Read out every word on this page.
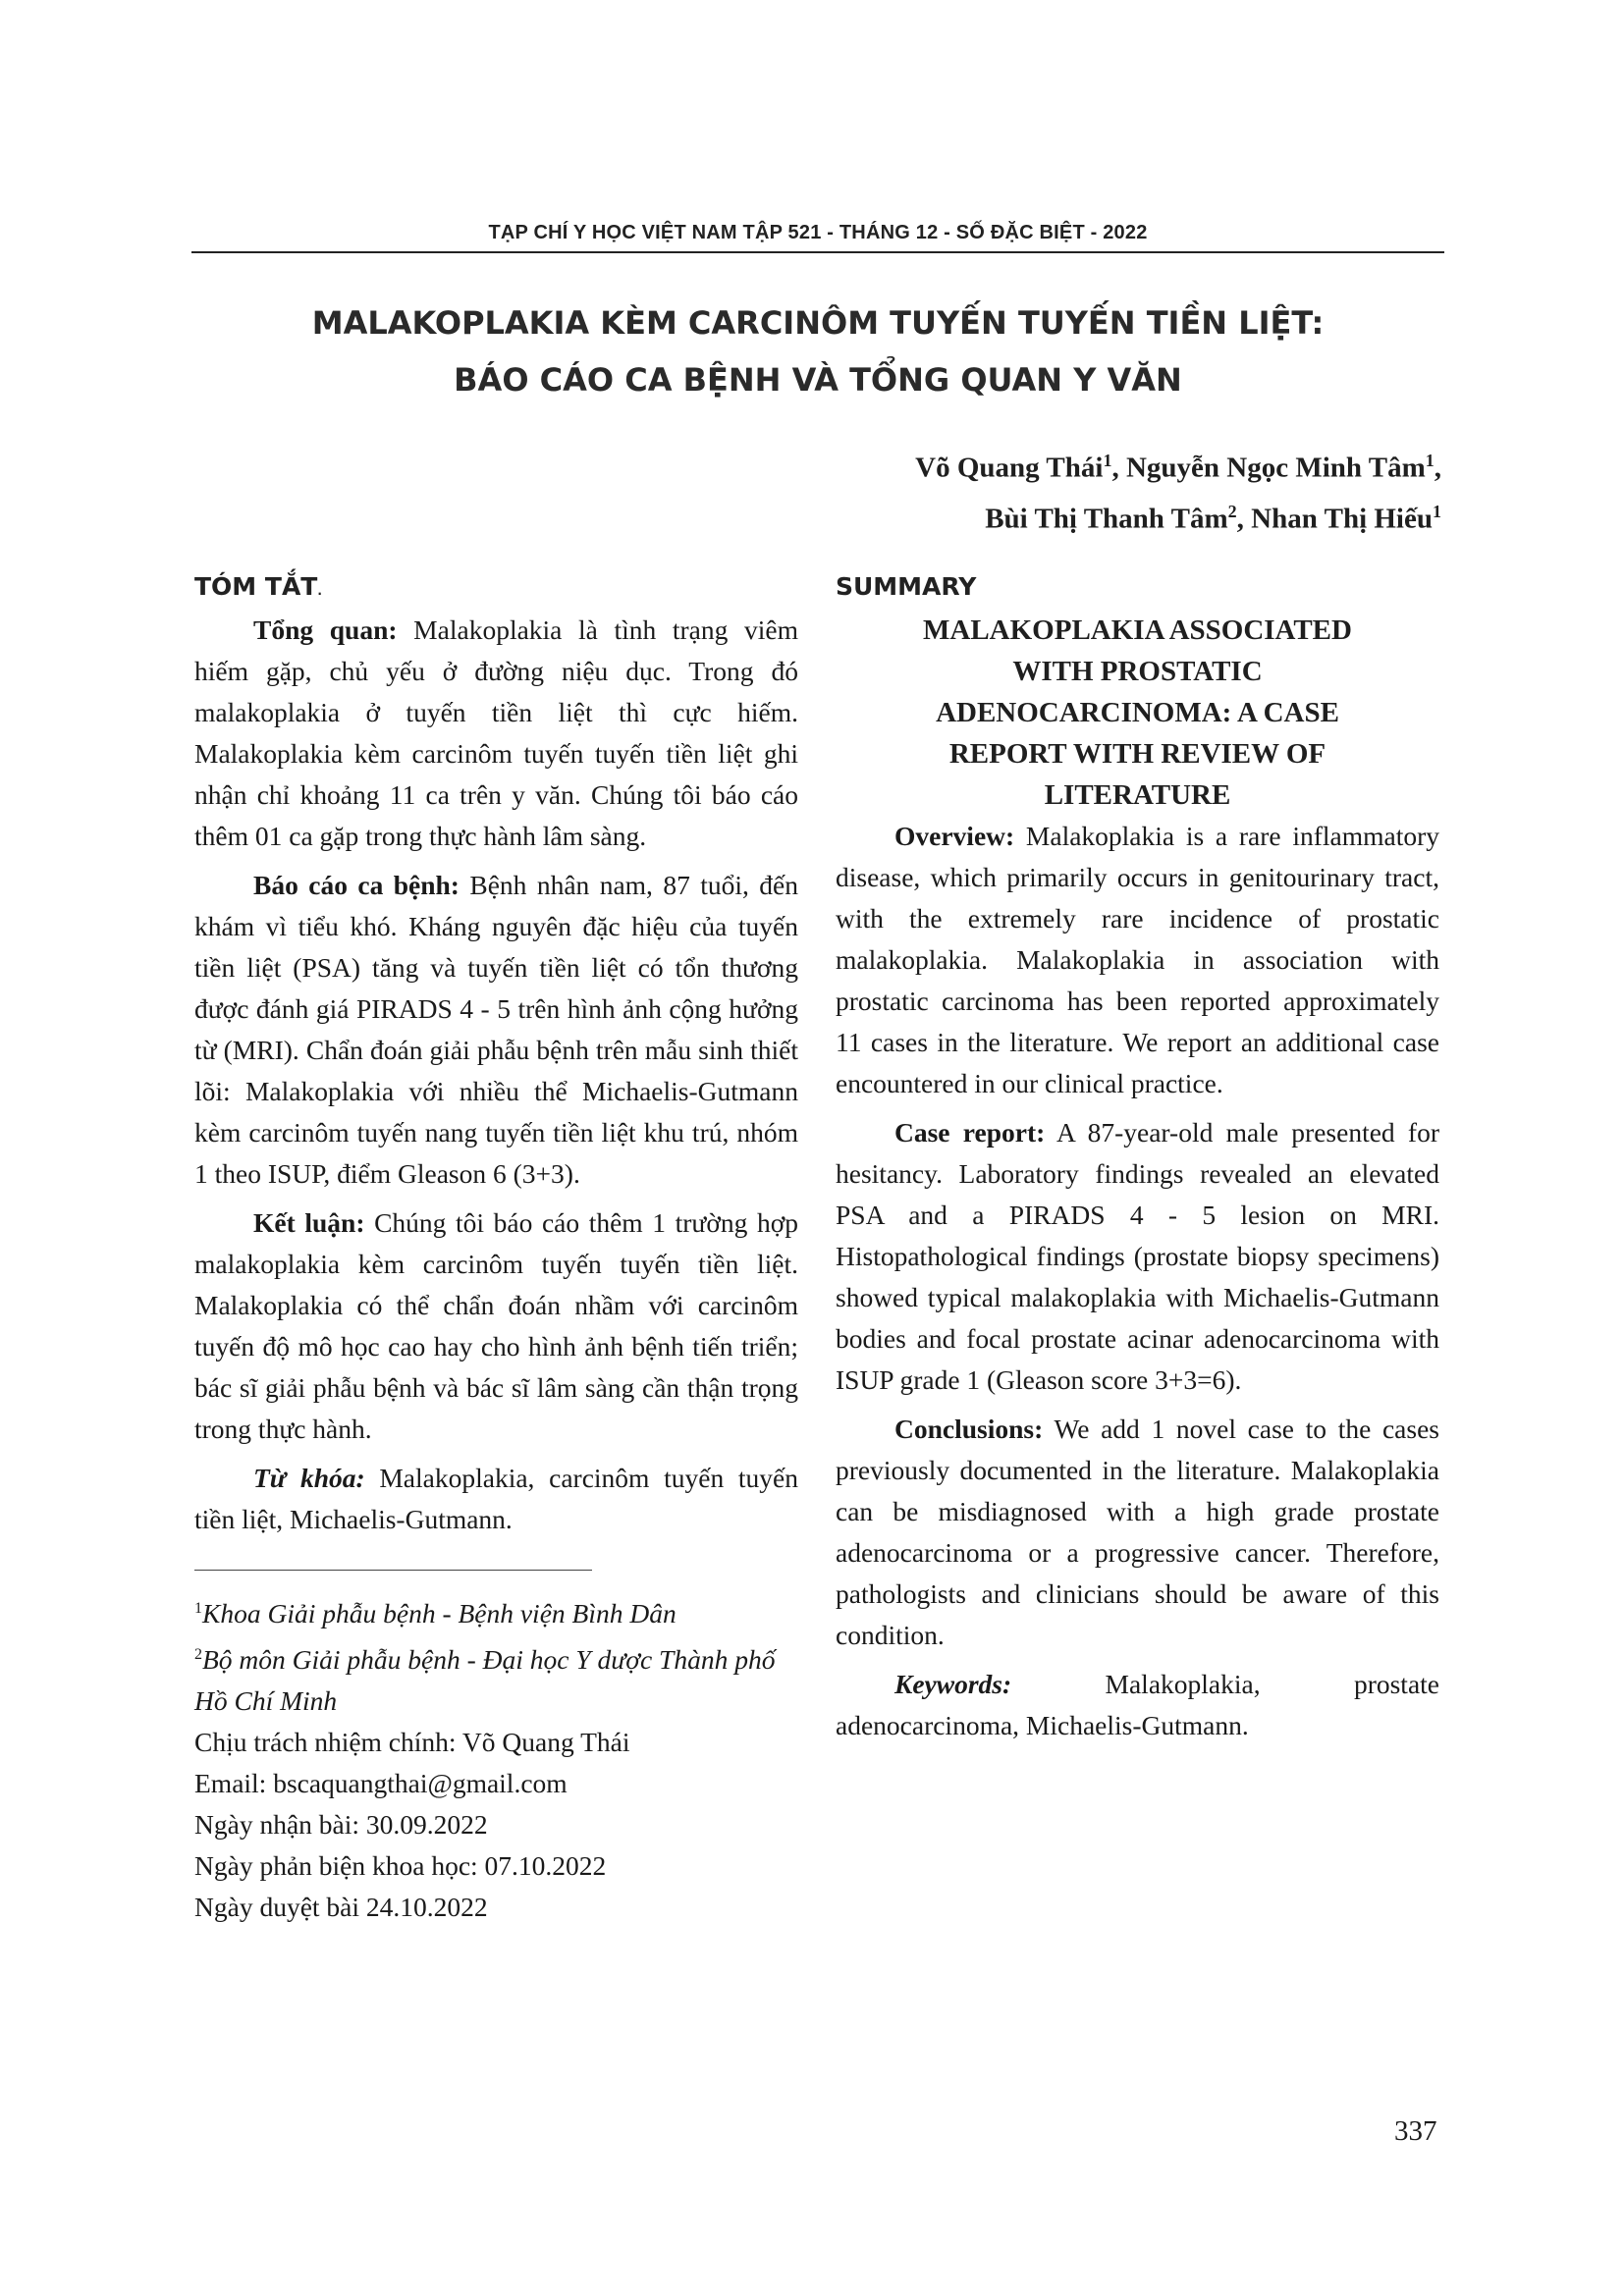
TẠP CHÍ Y HỌC VIỆT NAM TẬP 521 - THÁNG 12 - SỐ ĐẶC BIỆT - 2022
MALAKOPLAKIA KÈM CARCINÔM TUYẾN TUYẾN TIỀN LIỆT:
BÁO CÁO CA BỆNH VÀ TỔNG QUAN Y VĂN
Võ Quang Thái$^1$, Nguyễn Ngọc Minh Tâm$^1$,
Bùi Thị Thanh Tâm$^2$, Nhan Thị Hiếu$^1$
TÓM TẮT.

Tổng quan: Malakoplakia là tình trạng viêm hiếm gặp, chủ yếu ở đường niệu dục. Trong đó malakoplakia ở tuyến tiền liệt thì cực hiếm. Malakoplakia kèm carcinôm tuyến tuyến tiền liệt ghi nhận chỉ khoảng 11 ca trên y văn. Chúng tôi báo cáo thêm 01 ca gặp trong thực hành lâm sàng.

Báo cáo ca bệnh: Bệnh nhân nam, 87 tuổi, đến khám vì tiểu khó. Kháng nguyên đặc hiệu của tuyến tiền liệt (PSA) tăng và tuyến tiền liệt có tổn thương được đánh giá PIRADS 4 - 5 trên hình ảnh cộng hưởng từ (MRI). Chẩn đoán giải phẫu bệnh trên mẫu sinh thiết lõi: Malakoplakia với nhiều thể Michaelis-Gutmann kèm carcinôm tuyến nang tuyến tiền liệt khu trú, nhóm 1 theo ISUP, điểm Gleason 6 (3+3).

Kết luận: Chúng tôi báo cáo thêm 1 trường hợp malakoplakia kèm carcinôm tuyến tuyến tiền liệt. Malakoplakia có thể chẩn đoán nhầm với carcinôm tuyến độ mô học cao hay cho hình ảnh bệnh tiến triển; bác sĩ giải phẫu bệnh và bác sĩ lâm sàng cần thận trọng trong thực hành.

Từ khóa: Malakoplakia, carcinôm tuyến tuyến tiền liệt, Michaelis-Gutmann.

$^1$Khoa Giải phẫu bệnh - Bệnh viện Bình Dân

$^2$Bộ môn Giải phẫu bệnh - Đại học Y dược Thành phố Hồ Chí Minh

Chịu trách nhiệm chính: Võ Quang Thái

Email: bscaquangthai@gmail.com

Ngày nhận bài: 30.09.2022

Ngày phản biện khoa học: 07.10.2022

Ngày duyệt bài 24.10.2022

SUMMARY
MALAKOPLAKIA ASSOCIATED
WITH PROSTATIC
ADENOCARCINOMA: A CASE
REPORT WITH REVIEW OF
LITERATURE

Overview: Malakoplakia is a rare inflammatory disease, which primarily occurs in genitourinary tract, with the extremely rare incidence of prostatic malakoplakia. Malakoplakia in association with prostatic carcinoma has been reported approximately 11 cases in the literature. We report an additional case encountered in our clinical practice.

Case report: A 87-year-old male presented for hesitancy. Laboratory findings revealed an elevated PSA and a PIRADS 4 - 5 lesion on MRI. Histopathological findings (prostate biopsy specimens) showed typical malakoplakia with Michaelis-Gutmann bodies and focal prostate acinar adenocarcinoma with ISUP grade 1 (Gleason score 3+3=6).

Conclusions: We add 1 novel case to the cases previously documented in the literature. Malakoplakia can be misdiagnosed with a high grade prostate adenocarcinoma or a progressive cancer. Therefore, pathologists and clinicians should be aware of this condition.

Keywords: Malakoplakia, prostate adenocarcinoma, Michaelis-Gutmann.

337
